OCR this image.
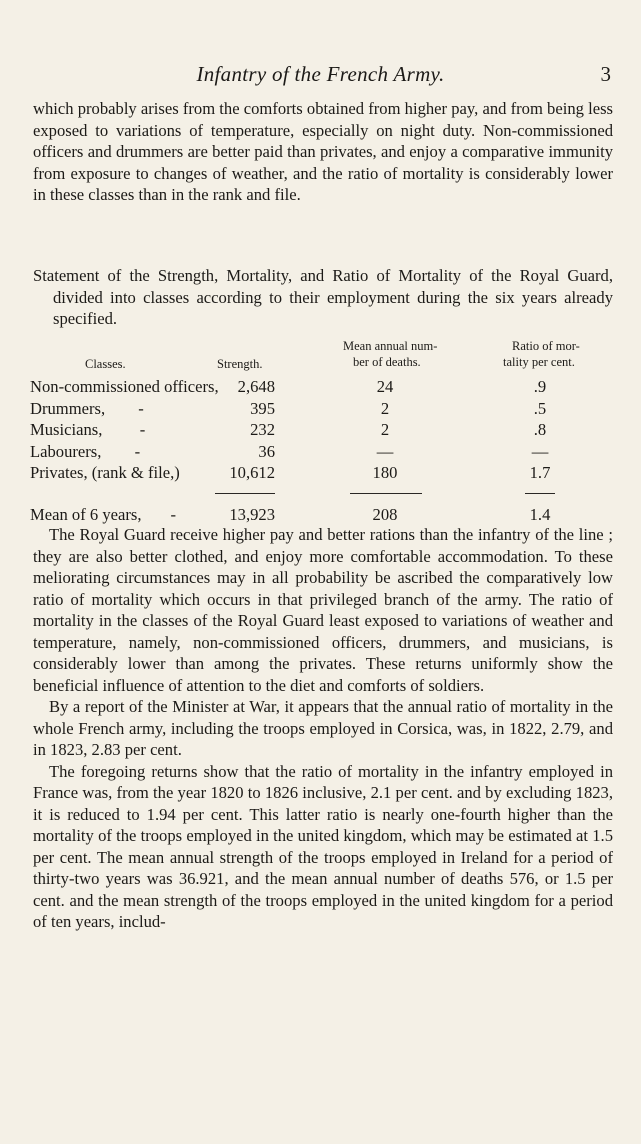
Infantry of the French Army.	3

which probably arises from the comforts obtained from higher pay, and from being less exposed to variations of temperature, especially on night duty. Non-commissioned officers and drummers are better paid than privates, and enjoy a comparative immunity from exposure to changes of weather, and the ratio of mortality is considerably lower in these classes than in the rank and file.

Statement of the Strength, Mortality, and Ratio of Mortality of the Royal Guard, divided into classes according to their employment during the six years already specified.

Classes.	Strength.
Mean annual num-
ber of deaths.
Ratio of mor-
tality per cent.
Non-commissioned officers, 2,648	24	.9
Drummers,        -	395	2	.5
Musicians,         -	232	2	.8
Labourers,        -	36	—	—
Privates, (rank & file,)	10,612	180	1.7
Mean of 6 years,       -	13,923	208	1.4

The Royal Guard receive higher pay and better rations than the infantry of the line ; they are also better clothed, and enjoy more comfortable accommodation. To these meliorating circumstances may in all probability be ascribed the comparatively low ratio of mortality which occurs in that privileged branch of the army. The ratio of mortality in the classes of the Royal Guard least exposed to variations of weather and temperature, namely, non-commissioned officers, drummers, and musicians, is considerably lower than among the privates. These returns uniformly show the beneficial influence of attention to the diet and comforts of soldiers.

By a report of the Minister at War, it appears that the annual ratio of mortality in the whole French army, including the troops employed in Corsica, was, in 1822, 2.79, and in 1823, 2.83 per cent.

The foregoing returns show that the ratio of mortality in the infantry employed in France was, from the year 1820 to 1826 inclusive, 2.1 per cent. and by excluding 1823, it is reduced to 1.94 per cent. This latter ratio is nearly one-fourth higher than the mortality of the troops employed in the united kingdom, which may be estimated at 1.5 per cent. The mean annual strength of the troops employed in Ireland for a period of thirty-two years was 36.921, and the mean annual number of deaths 576, or 1.5 per cent. and the mean strength of the troops employed in the united kingdom for a period of ten years, includ-
